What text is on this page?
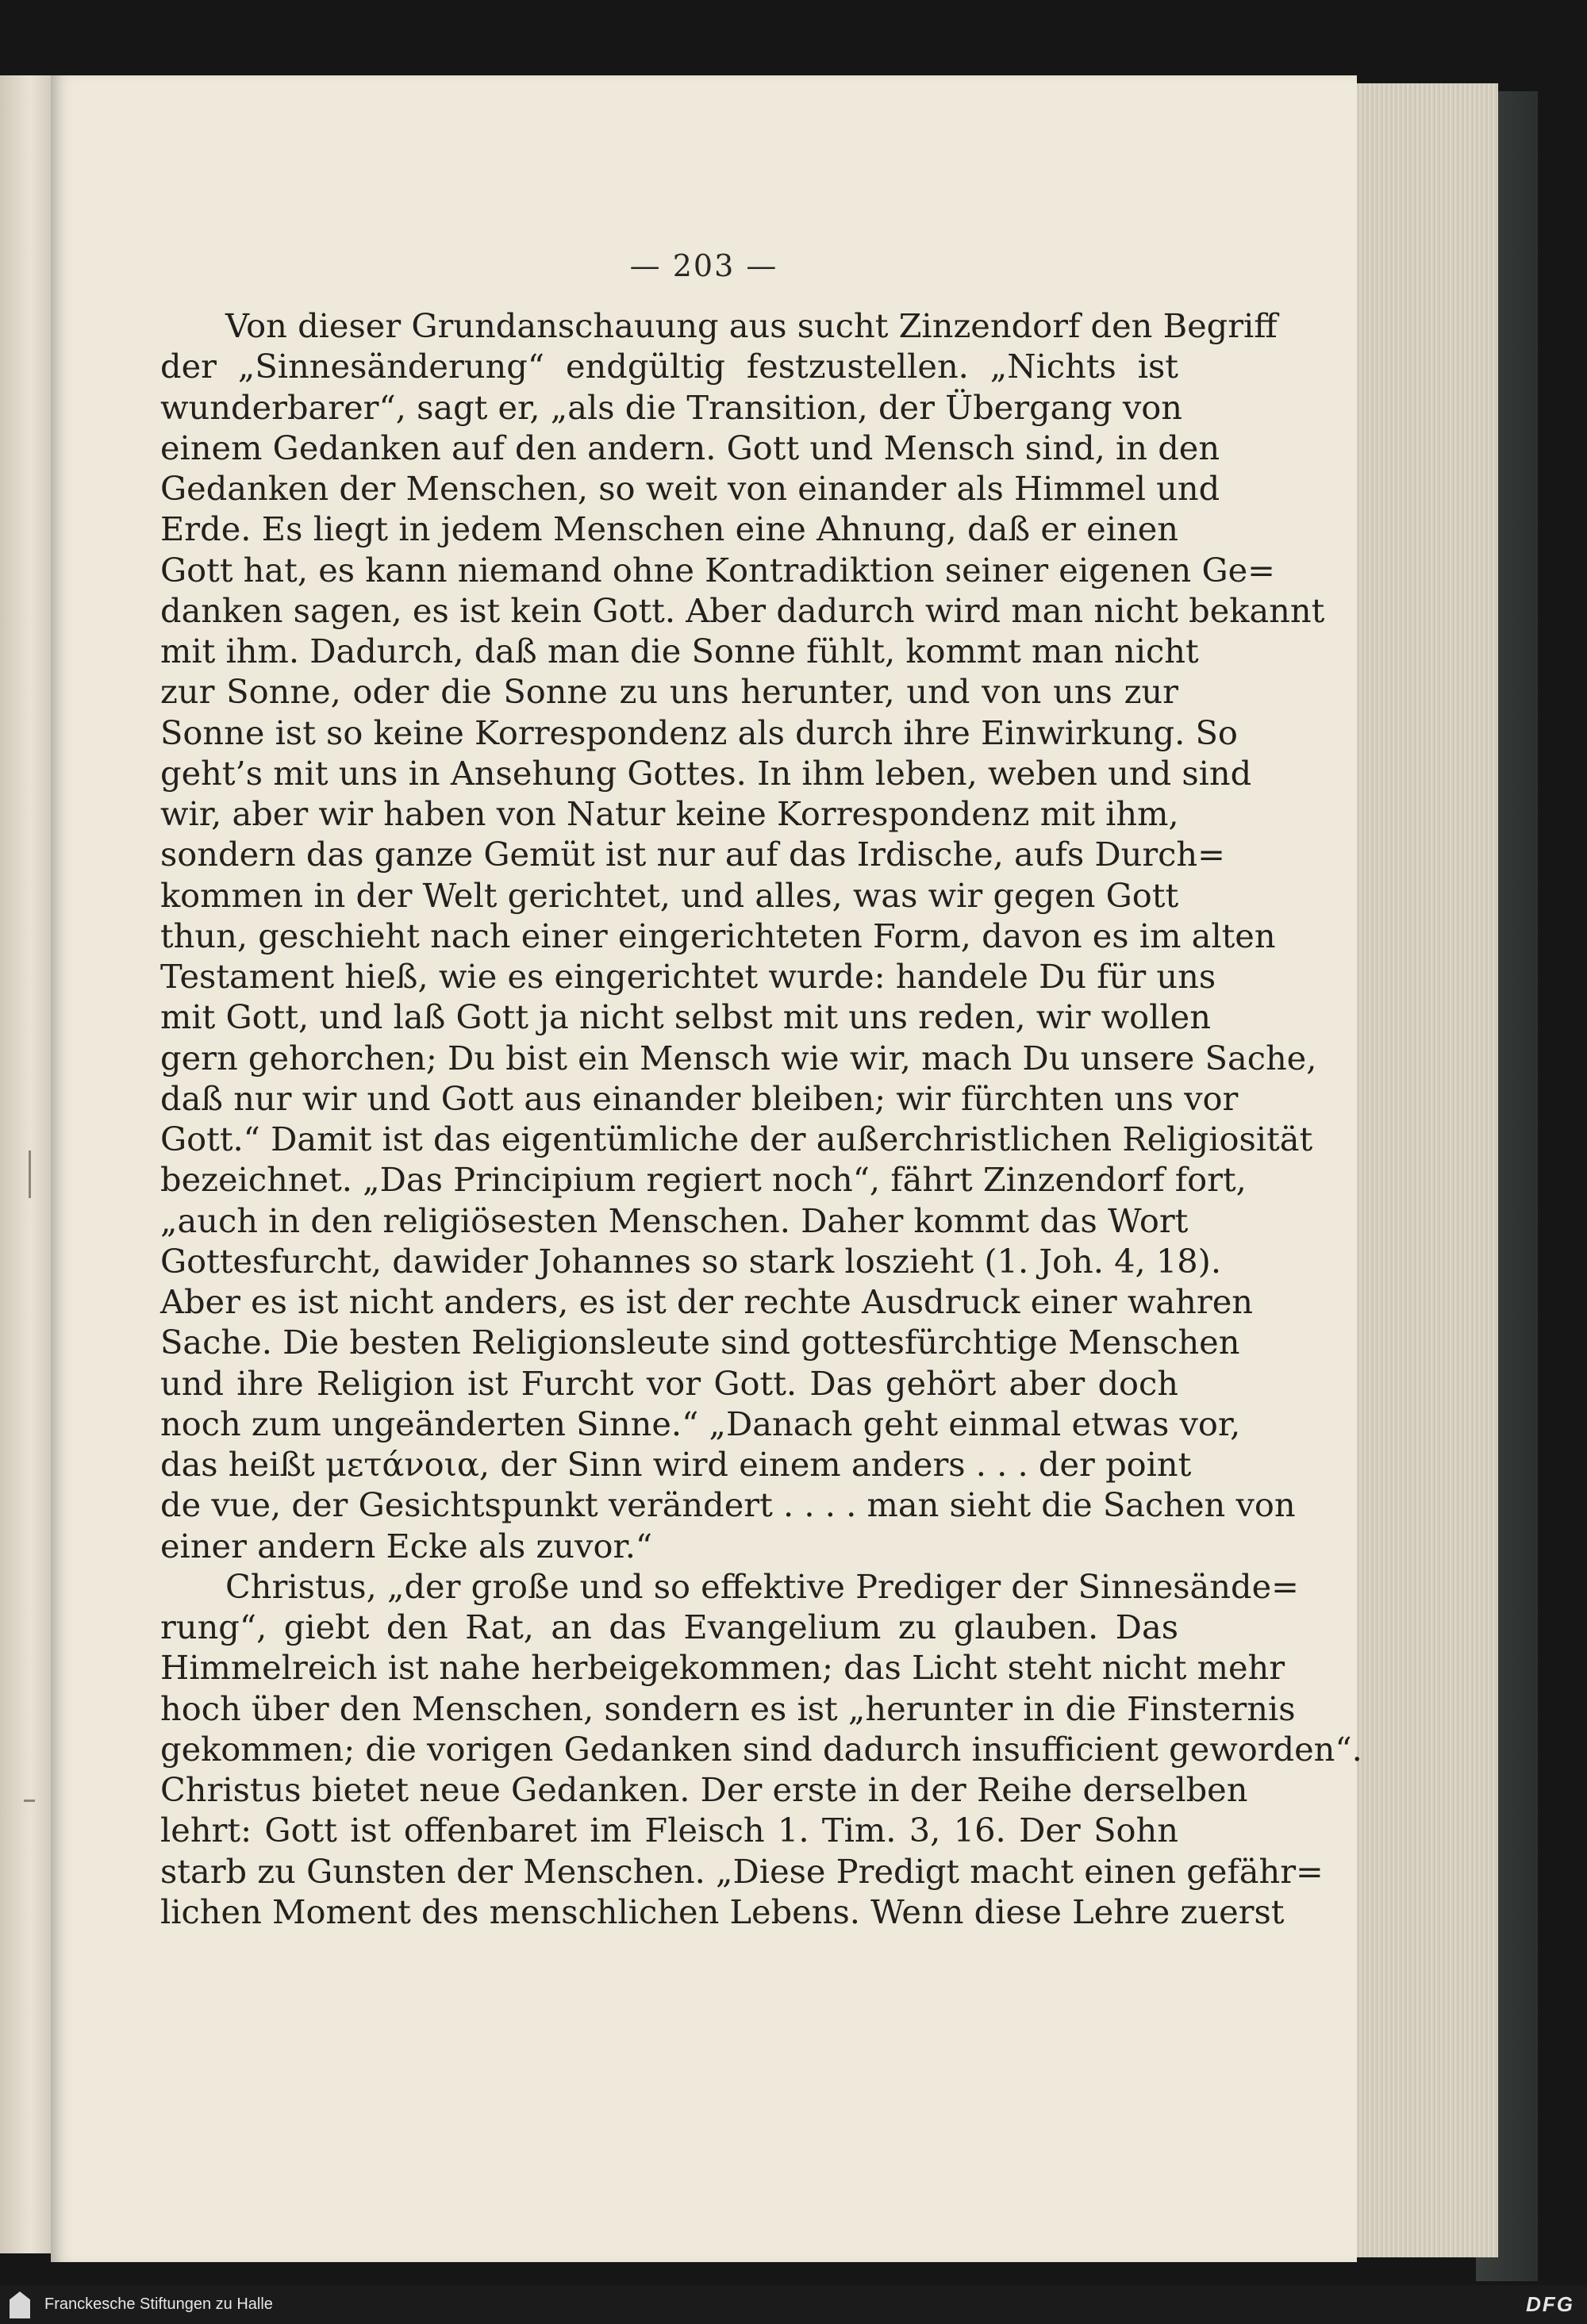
— 203 —
Von dieser Grundanschauung aus sucht Zinzendorf den Begriff
der „Sinnesänderung“ endgültig festzustellen. „Nichts ist
wunderbarer“, sagt er, „als die Transition, der Übergang von
einem Gedanken auf den andern. Gott und Mensch sind, in den
Gedanken der Menschen, so weit von einander als Himmel und
Erde. Es liegt in jedem Menschen eine Ahnung, daß er einen
Gott hat, es kann niemand ohne Kontradiktion seiner eigenen Ge=
danken sagen, es ist kein Gott. Aber dadurch wird man nicht bekannt
mit ihm. Dadurch, daß man die Sonne fühlt, kommt man nicht
zur Sonne, oder die Sonne zu uns herunter, und von uns zur
Sonne ist so keine Korrespondenz als durch ihre Einwirkung. So
geht’s mit uns in Ansehung Gottes. In ihm leben, weben und sind
wir, aber wir haben von Natur keine Korrespondenz mit ihm,
sondern das ganze Gemüt ist nur auf das Irdische, aufs Durch=
kommen in der Welt gerichtet, und alles, was wir gegen Gott
thun, geschieht nach einer eingerichteten Form, davon es im alten
Testament hieß, wie es eingerichtet wurde: handele Du für uns
mit Gott, und laß Gott ja nicht selbst mit uns reden, wir wollen
gern gehorchen; Du bist ein Mensch wie wir, mach Du unsere Sache,
daß nur wir und Gott aus einander bleiben; wir fürchten uns vor
Gott.“ Damit ist das eigentümliche der außerchristlichen Religiosität
bezeichnet. „Das Principium regiert noch“, fährt Zinzendorf fort,
„auch in den religiösesten Menschen. Daher kommt das Wort
Gottesfurcht, dawider Johannes so stark loszieht (1. Joh. 4, 18).
Aber es ist nicht anders, es ist der rechte Ausdruck einer wahren
Sache. Die besten Religionsleute sind gottesfürchtige Menschen
und ihre Religion ist Furcht vor Gott. Das gehört aber doch
noch zum ungeänderten Sinne.“ „Danach geht einmal etwas vor,
das heißt μετάνοια, der Sinn wird einem anders . . . der point
de vue, der Gesichtspunkt verändert . . . . man sieht die Sachen von
einer andern Ecke als zuvor.“
Christus, „der große und so effektive Prediger der Sinnesände=
rung“, giebt den Rat, an das Evangelium zu glauben. Das
Himmelreich ist nahe herbeigekommen; das Licht steht nicht mehr
hoch über den Menschen, sondern es ist „herunter in die Finsternis
gekommen; die vorigen Gedanken sind dadurch insufficient geworden“.
Christus bietet neue Gedanken. Der erste in der Reihe derselben
lehrt: Gott ist offenbaret im Fleisch 1. Tim. 3, 16. Der Sohn
starb zu Gunsten der Menschen. „Diese Predigt macht einen gefähr=
lichen Moment des menschlichen Lebens. Wenn diese Lehre zuerst
Franckesche Stiftungen zu Halle	DFG
